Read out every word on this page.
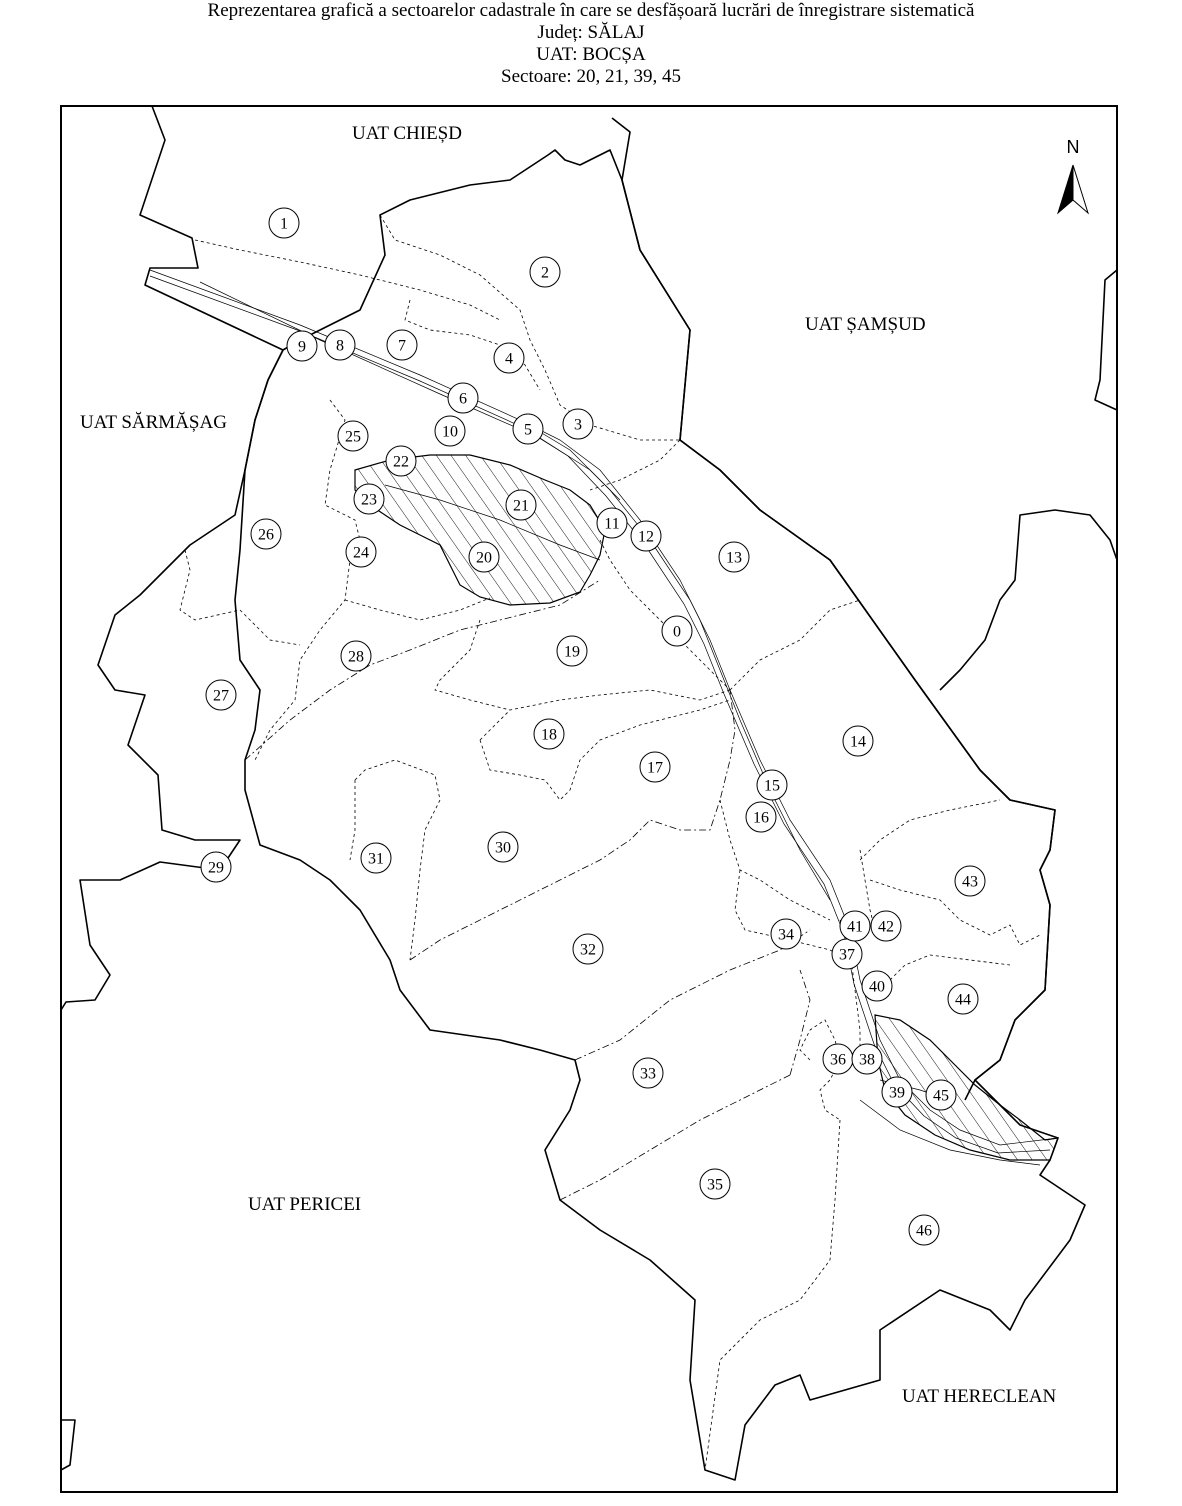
Reprezentarea grafică a sectoarelor cadastrale în care se desfășoară lucrări de înregistrare sistematică
Județ: SĂLAJ
UAT: BOCȘA
Sectoare: 20, 21, 39, 45
UAT CHIEȘD
UAT ȘAMȘUD
UAT SĂRMĂȘAG
UAT PERICEI
UAT HERECLEAN
N
0
1
2
3
4
5
6
7
8
9
10
11
12
13
14
15
16
17
18
19
20
21
22
23
24
25
26
27
28
29
30
31
32
33
34
35
36
37
38
39
40
41 42
43
44
45
46
